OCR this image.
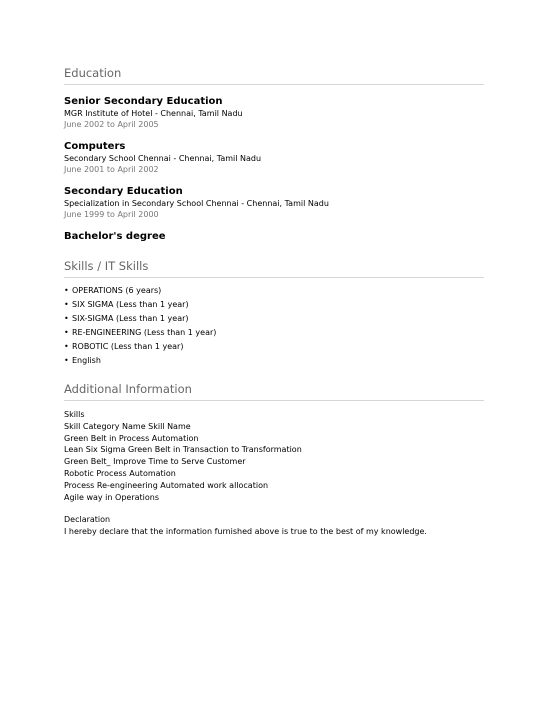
Education
Senior Secondary Education
MGR Institute of Hotel - Chennai, Tamil Nadu
June 2002 to April 2005
Computers
Secondary School Chennai - Chennai, Tamil Nadu
June 2001 to April 2002
Secondary Education
Specialization in Secondary School Chennai - Chennai, Tamil Nadu
June 1999 to April 2000
Bachelor's degree
Skills / IT Skills
• OPERATIONS (6 years)
• SIX SIGMA (Less than 1 year)
• SIX-SIGMA (Less than 1 year)
• RE-ENGINEERING (Less than 1 year)
• ROBOTIC (Less than 1 year)
• English
Additional Information
Skills
Skill Category Name Skill Name
Green Belt in Process Automation
Lean Six Sigma Green Belt in Transaction to Transformation
Green Belt_ Improve Time to Serve Customer
Robotic Process Automation
Process Re-engineering Automated work allocation
Agile way in Operations
Declaration
I hereby declare that the information furnished above is true to the best of my knowledge.
